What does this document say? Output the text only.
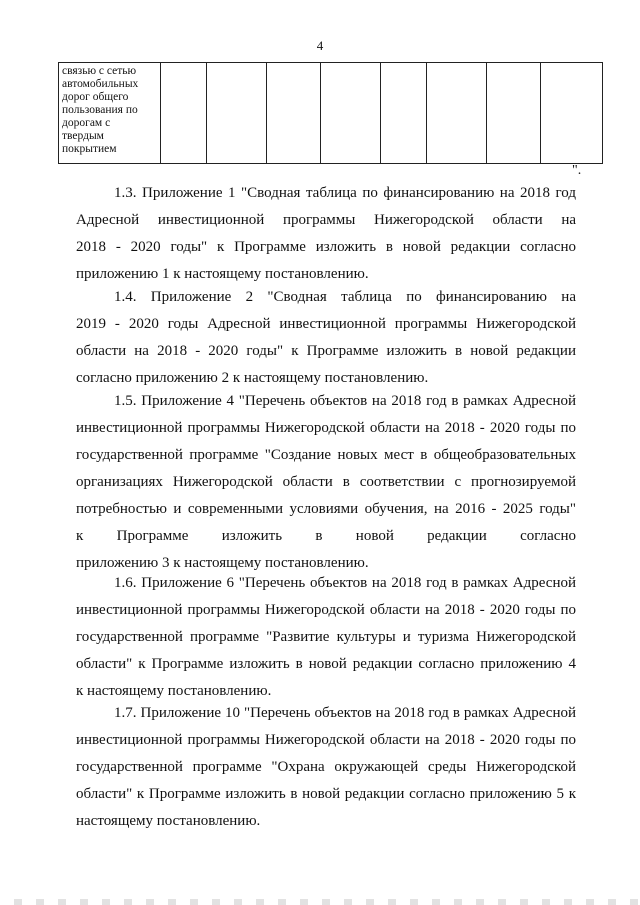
4
связью с сетью
автомобильных
дорог общего
пользования по
дорогам с
твердым
покрытием								
".
1.3. Приложение 1 "Сводная таблица по финансированию на 2018 год
Адресной инвестиционной программы Нижегородской области на
2018 - 2020 годы" к Программе изложить в новой редакции согласно
приложению 1 к настоящему постановлению.
1.4. Приложение 2 "Сводная таблица по финансированию на
2019 - 2020 годы Адресной инвестиционной программы Нижегородской
области на 2018 - 2020 годы" к Программе изложить в новой редакции
согласно приложению 2 к настоящему постановлению.
1.5. Приложение 4 "Перечень объектов на 2018 год в рамках Адресной
инвестиционной программы Нижегородской области на 2018 - 2020 годы по
государственной программе "Создание новых мест в общеобразовательных
организациях Нижегородской области в соответствии с прогнозируемой
потребностью и современными условиями обучения, на 2016 - 2025 годы"
к Программе изложить в новой редакции согласно
приложению 3 к настоящему постановлению.
1.6. Приложение 6 "Перечень объектов на 2018 год в рамках Адресной
инвестиционной программы Нижегородской области на 2018 - 2020 годы по
государственной программе "Развитие культуры и туризма Нижегородской
области" к Программе изложить в новой редакции согласно приложению 4
к настоящему постановлению.
1.7. Приложение 10 "Перечень объектов на 2018 год в рамках Адресной
инвестиционной программы Нижегородской области на 2018 - 2020 годы по
государственной программе "Охрана окружающей среды Нижегородской
области" к Программе изложить в новой редакции согласно приложению 5 к
настоящему постановлению.
